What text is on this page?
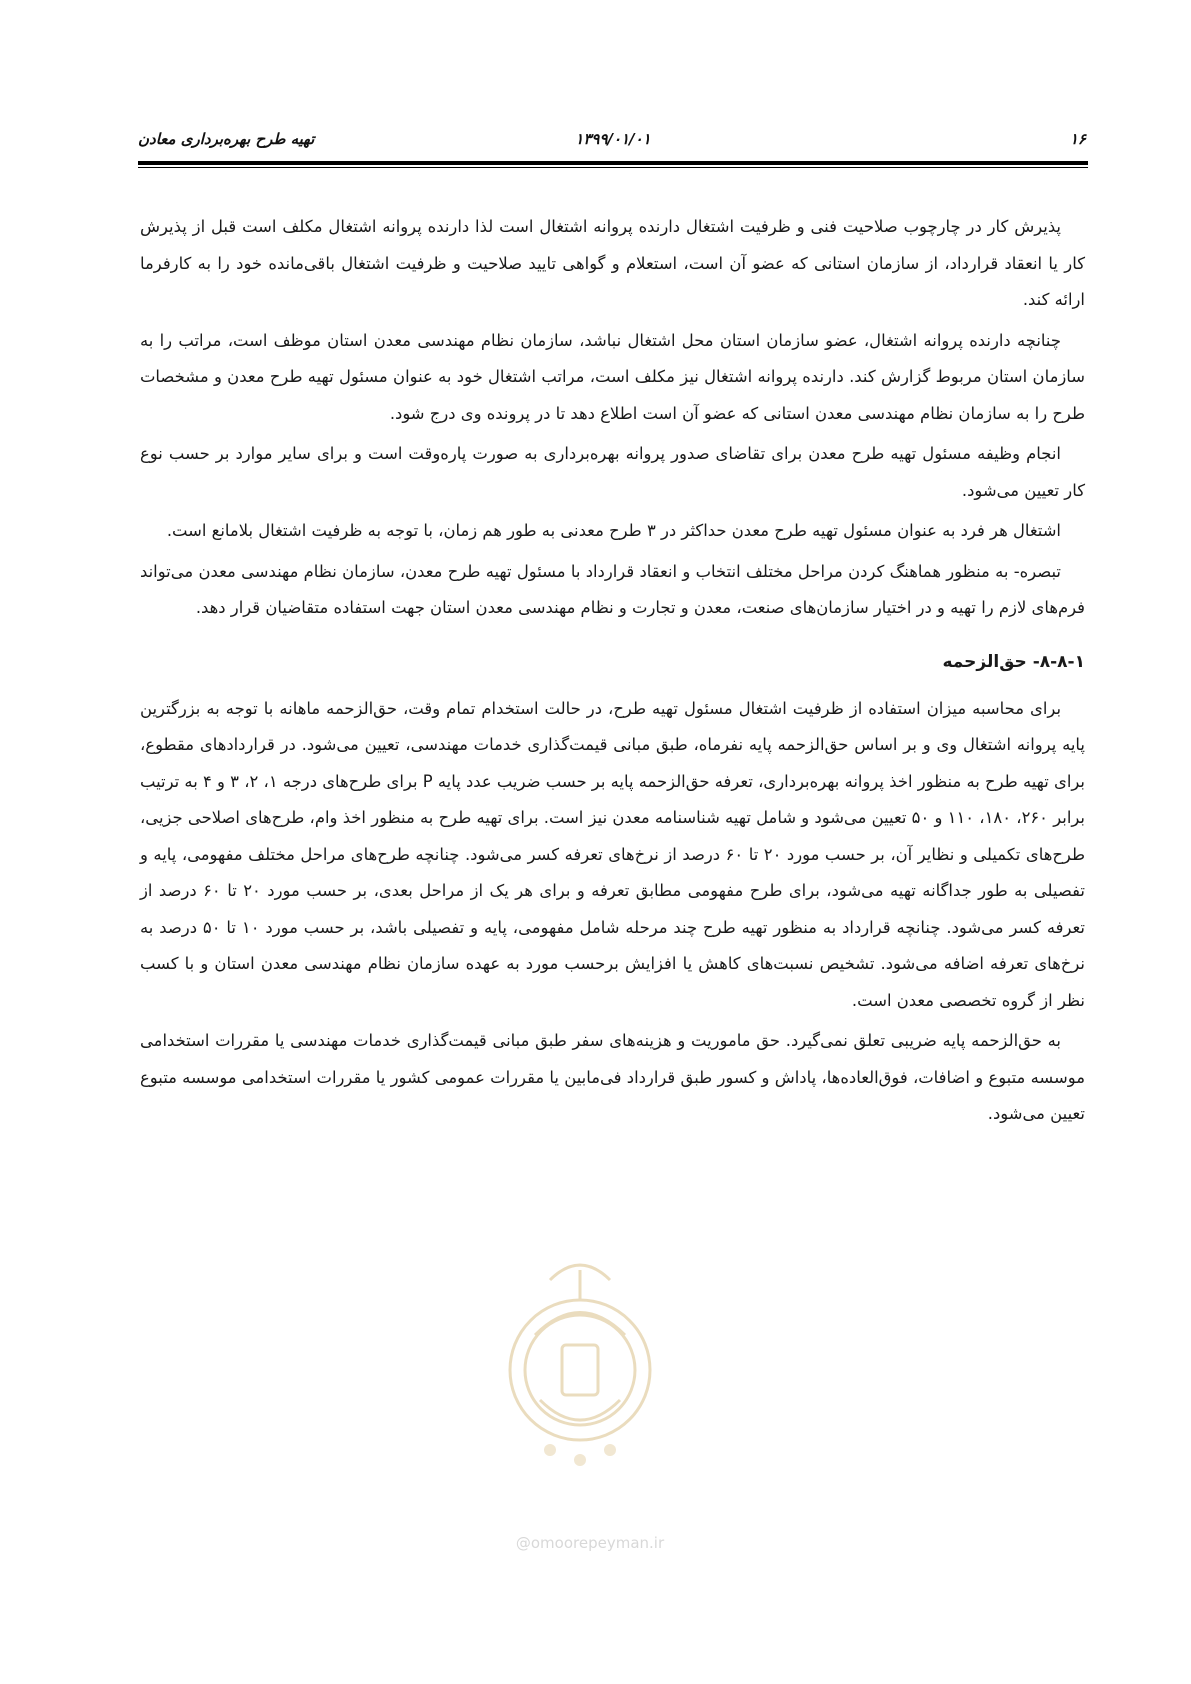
۱۶
۱۳۹۹/۰۱/۰۱
تهیه طرح بهره‌برداری معادن

پذیرش کار در چارچوب صلاحیت فنی و ظرفیت اشتغال دارنده پروانه اشتغال است لذا دارنده پروانه اشتغال مکلف است قبل از پذیرش کار یا انعقاد قرارداد، از سازمان استانی که عضو آن است، استعلام و گواهی تایید صلاحیت و ظرفیت اشتغال باقی‌مانده خود را به کارفرما ارائه کند.

چنانچه دارنده پروانه اشتغال، عضو سازمان استان محل اشتغال نباشد، سازمان نظام مهندسی معدن استان موظف است، مراتب را به سازمان استان مربوط گزارش کند. دارنده پروانه اشتغال نیز مکلف است، مراتب اشتغال خود به عنوان مسئول تهیه طرح معدن و مشخصات طرح را به سازمان نظام مهندسی معدن استانی که عضو آن است اطلاع دهد تا در پرونده وی درج شود.

انجام وظیفه مسئول تهیه طرح معدن برای تقاضای صدور پروانه بهره‌برداری به صورت پاره‌وقت است و برای سایر موارد بر حسب نوع کار تعیین می‌شود.

اشتغال هر فرد به عنوان مسئول تهیه طرح معدن حداکثر در ۳ طرح معدنی به طور هم زمان، با توجه به ظرفیت اشتغال بلامانع است.

تبصره- به منظور هماهنگ کردن مراحل مختلف انتخاب و انعقاد قرارداد با مسئول تهیه طرح معدن، سازمان نظام مهندسی معدن می‌تواند فرم‌های لازم را تهیه و در اختیار سازمان‌های صنعت، معدن و تجارت و نظام مهندسی معدن استان جهت استفاده متقاضیان قرار دهد.

۸-۸-۱- حق‌الزحمه

برای محاسبه میزان استفاده از ظرفیت اشتغال مسئول تهیه طرح، در حالت استخدام تمام وقت، حق‌الزحمه ماهانه با توجه به بزرگترین پایه پروانه اشتغال وی و بر اساس حق‌الزحمه پایه نفرماه، طبق مبانی قیمت‌گذاری خدمات مهندسی، تعیین می‌شود. در قراردادهای مقطوع، برای تهیه طرح به منظور اخذ پروانه بهره‌برداری، تعرفه حق‌الزحمه پایه بر حسب ضریب عدد پایه P برای طرح‌های درجه ۱، ۲، ۳ و ۴ به ترتیب برابر ۲۶۰، ۱۸۰، ۱۱۰ و ۵۰ تعیین می‌شود و شامل تهیه شناسنامه معدن نیز است. برای تهیه طرح به منظور اخذ وام، طرح‌های اصلاحی جزیی، طرح‌های تکمیلی و نظایر آن، بر حسب مورد ۲۰ تا ۶۰ درصد از نرخ‌های تعرفه کسر می‌شود. چنانچه طرح‌های مراحل مختلف مفهومی، پایه و تفصیلی به طور جداگانه تهیه می‌شود، برای طرح مفهومی مطابق تعرفه و برای هر یک از مراحل بعدی، بر حسب مورد ۲۰ تا ۶۰ درصد از تعرفه کسر می‌شود. چنانچه قرارداد به منظور تهیه طرح چند مرحله شامل مفهومی، پایه و تفصیلی باشد، بر حسب مورد ۱۰ تا ۵۰ درصد به نرخ‌های تعرفه اضافه می‌شود. تشخیص نسبت‌های کاهش یا افزایش برحسب مورد به عهده سازمان نظام مهندسی معدن استان و با کسب نظر از گروه تخصصی معدن است.

به حق‌الزحمه پایه ضریبی تعلق نمی‌گیرد. حق ماموریت و هزینه‌های سفر طبق مبانی قیمت‌گذاری خدمات مهندسی یا مقررات استخدامی موسسه متبوع و اضافات، فوق‌العاده‌ها، پاداش و کسور طبق قرارداد فی‌مابین یا مقررات عمومی کشور یا مقررات استخدامی موسسه متبوع تعیین می‌شود.

@omoorepeyman.ir
